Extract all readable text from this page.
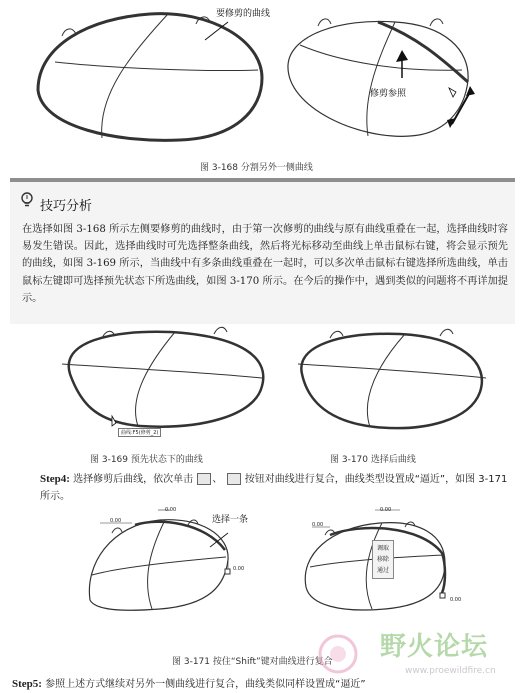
要修剪的曲线
修剪参照
图 3-168 分割另外一侧曲线
技巧分析
在选择如图 3-168 所示左侧要修剪的曲线时，由于第一次修剪的曲线与原有曲线重叠在一起，选择曲线时容易发生错误。因此，选择曲线时可先选择整条曲线，然后将光标移动至曲线上单击鼠标右键，将会显示预先的曲线，如图 3-169 所示，当曲线中有多条曲线重叠在一起时，可以多次单击鼠标右键选择所选曲线，单击鼠标左键即可选择预先状态下所选曲线，如图 3-170 所示。在今后的操作中，遇到类似的问题将不再详加提示。
曲线:F5(修剪_2)
图 3-169 预先状态下的曲线	图 3-170 选择后曲线
Step4: 选择修剪后曲线，依次单击 、  按钮对曲线进行复合，曲线类型设置成“逼近”，如图 3-171 所示。
0.00
0.00
0.00
0.00
0.00
0.00
选择一条
调取
移除
通过
图 3-171 按住“Shift”键对曲线进行复合 野火论坛
www.proewildfire.cn
Step5: 参照上述方式继续对另外一侧曲线进行复合，曲线类似同样设置成“逼近”
